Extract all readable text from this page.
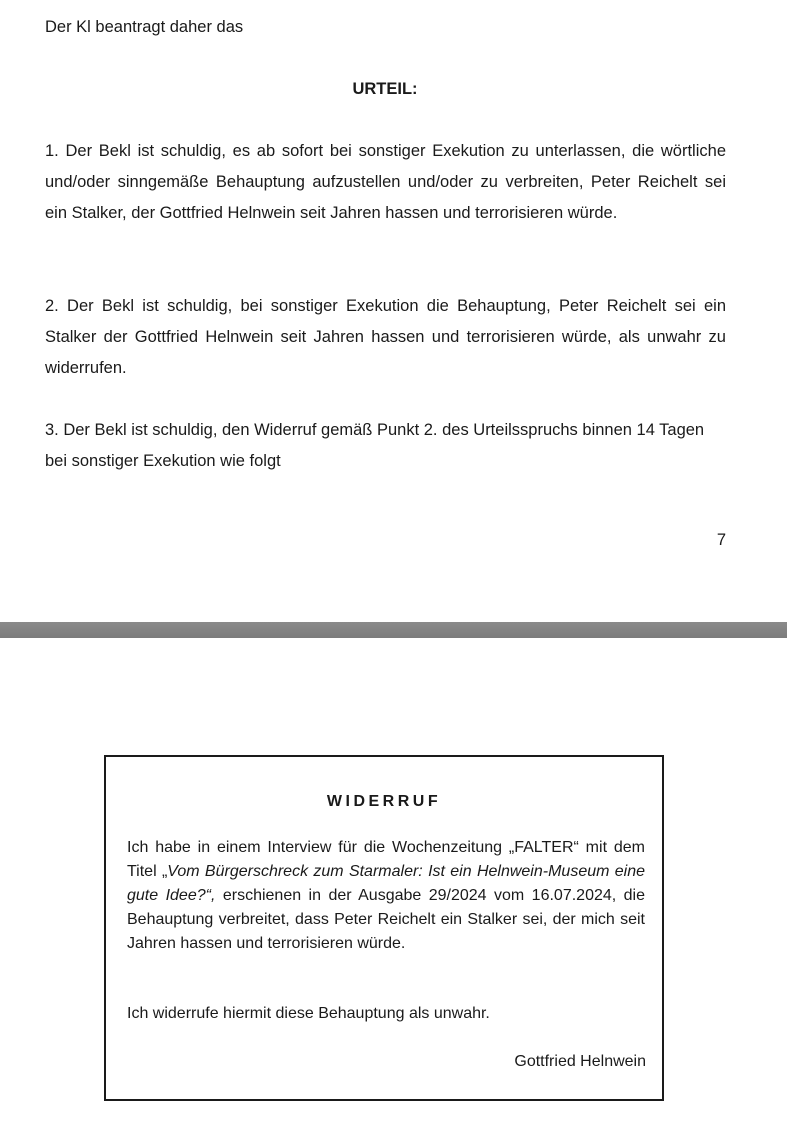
Der Kl beantragt daher das

URTEIL:

1. Der Bekl ist schuldig, es ab sofort bei sonstiger Exekution zu unterlassen, die wörtliche und/oder sinngemäße Behauptung aufzustellen und/oder zu verbreiten, Peter Reichelt sei ein Stalker, der Gottfried Helnwein seit Jahren hassen und terrorisieren würde.

2. Der Bekl ist schuldig, bei sonstiger Exekution die Behauptung, Peter Reichelt sei ein Stalker der Gottfried Helnwein seit Jahren hassen und terrorisieren würde, als unwahr zu widerrufen.

3. Der Bekl ist schuldig, den Widerruf gemäß Punkt 2. des Urteilsspruchs binnen 14 Tagen bei sonstiger Exekution wie folgt

7

WIDERRUF

Ich habe in einem Interview für die Wochenzeitung „FALTER“ mit dem Titel „Vom Bürgerschreck zum Starmaler: Ist ein Helnwein-Museum eine gute Idee?“, erschienen in der Ausgabe 29/2024 vom 16.07.2024, die Behauptung verbreitet, dass Peter Reichelt ein Stalker sei, der mich seit Jahren hassen und terrorisieren würde.

Ich widerrufe hiermit diese Behauptung als unwahr.

Gottfried Helnwein
